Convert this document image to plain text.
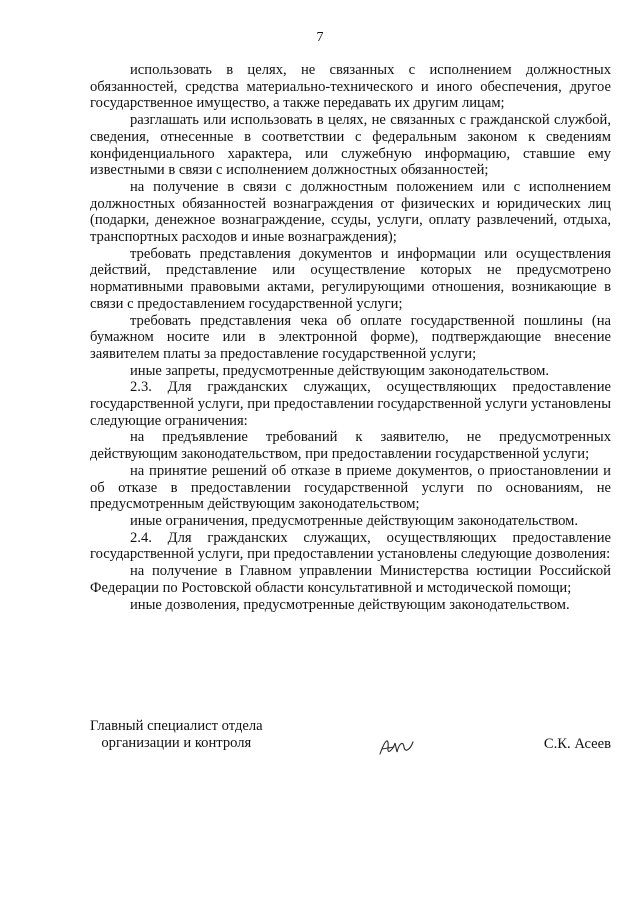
7

использовать в целях, не связанных с исполнением должностных обязанностей, средства материально-технического и иного обеспечения, другое государственное имущество, а также передавать их другим лицам;

разглашать или использовать в целях, не связанных с гражданской службой, сведения, отнесенные в соответствии с федеральным законом к сведениям конфиденциального характера, или служебную информацию, ставшие ему известными в связи с исполнением должностных обязанностей;

на получение в связи с должностным положением или с исполнением должностных обязанностей вознаграждения от физических и юридических лиц (подарки, денежное вознаграждение, ссуды, услуги, оплату развлечений, отдыха, транспортных расходов и иные вознаграждения);

требовать представления документов и информации или осуществления действий, представление или осуществление которых не предусмотрено нормативными правовыми актами, регулирующими отношения, возникающие в связи с предоставлением государственной услуги;

требовать представления чека об оплате государственной пошлины (на бумажном носите или в электронной форме), подтверждающие внесение заявителем платы за предоставление государственной услуги;

иные запреты, предусмотренные действующим законодательством.

2.3. Для гражданских служащих, осуществляющих предоставление государственной услуги, при предоставлении государственной услуги установлены следующие ограничения:

на предъявление требований к заявителю, не предусмотренных действующим законодательством, при предоставлении государственной услуги;

на принятие решений об отказе в приеме документов, о приостановлении и об отказе в предоставлении государственной услуги по основаниям, не предусмотренным действующим законодательством;

иные ограничения, предусмотренные действующим законодательством.

2.4. Для гражданских служащих, осуществляющих предоставление государственной услуги, при предоставлении установлены следующие дозволения:

на получение в Главном управлении Министерства юстиции Российской Федерации по Ростовской области консультативной и мстодической помощи;

иные дозволения, предусмотренные действующим законодательством.

Главный специалист отдела
организации и контроля	С.К. Асеев
